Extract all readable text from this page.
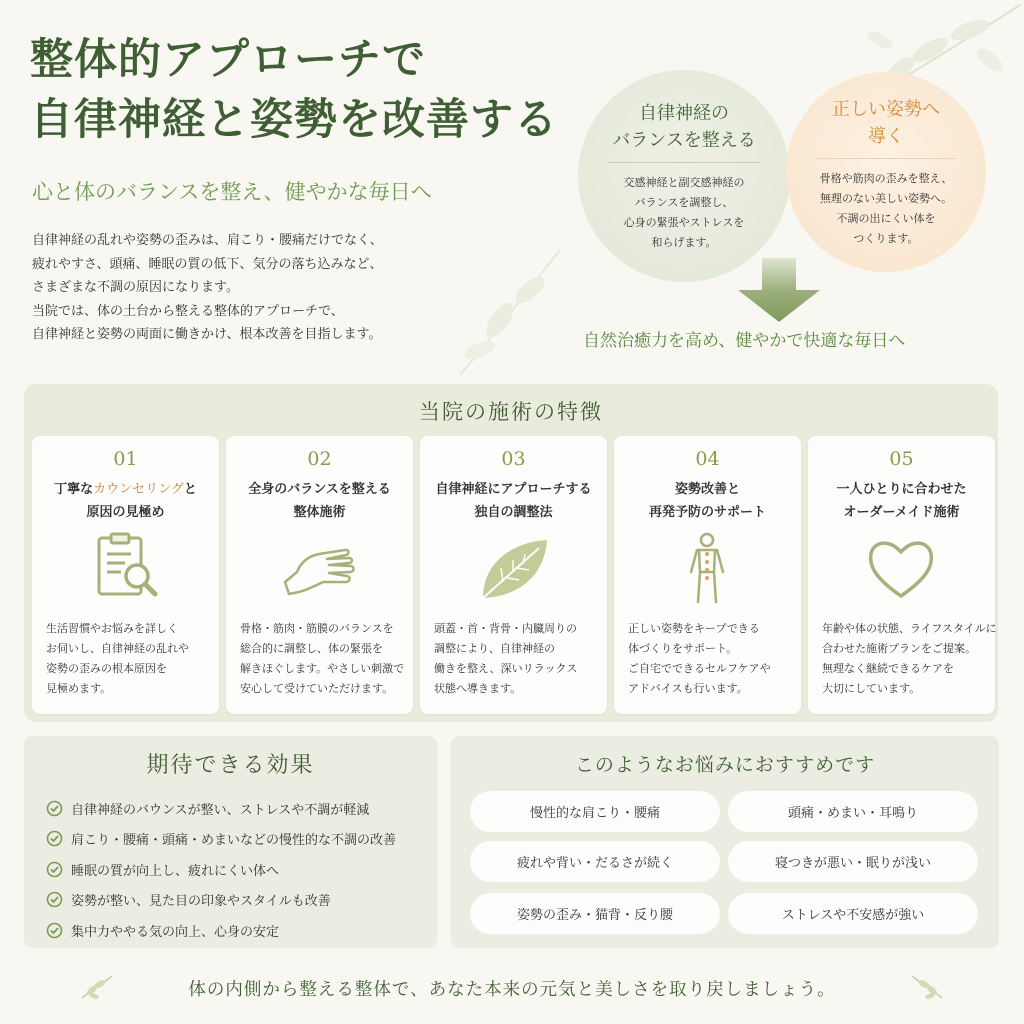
整体的アプローチで
自律神経と姿勢を改善する
心と体のバランスを整え、健やかな毎日へ

自律神経の乱れや姿勢の歪みは、肩こり・腰痛だけでなく、

疲れやすさ、頭痛、睡眠の質の低下、気分の落ち込みなど、

さまざまな不調の原因になります。

当院では、体の土台から整える整体的アプローチで、

自律神経と姿勢の両面に働きかけ、根本改善を目指します。

自律神経の
バランスを整える
交感神経と副交感神経の
バランスを調整し、
心身の緊張やストレスを
和らげます。
正しい姿勢へ
導く
骨格や筋肉の歪みを整え、
無理のない美しい姿勢へ。
不調の出にくい体を
つくります。
自然治癒力を高め、健やかで快適な毎日へ
当院の施術の特徴
01
丁寧なカウンセリングと
原因の見極め
生活習慣やお悩みを詳しく
お伺いし、自律神経の乱れや
姿勢の歪みの根本原因を
見極めます。
02
全身のバランスを整える
整体施術
骨格・筋肉・筋膜のバランスを
総合的に調整し、体の緊張を
解きほぐします。やさしい刺激で
安心して受けていただけます。
03
自律神経にアプローチする
独自の調整法
頭蓋・首・背骨・内臓周りの
調整により、自律神経の
働きを整え、深いリラックス
状態へ導きます。
04
姿勢改善と
再発予防のサポート
正しい姿勢をキープできる
体づくりをサポート。
ご自宅でできるセルフケアや
アドバイスも行います。
05
一人ひとりに合わせた
オーダーメイド施術
年齢や体の状態、ライフスタイルに
合わせた施術プランをご提案。
無理なく継続できるケアを
大切にしています。
期待できる効果
自律神経のバウンスが整い、ストレスや不調が軽減
肩こり・腰痛・頭痛・めまいなどの慢性的な不調の改善
睡眠の質が向上し、疲れにくい体へ
姿勢が整い、見た目の印象やスタイルも改善
集中力ややる気の向上、心身の安定
このようなお悩みにおすすめです
慢性的な肩こり・腰痛	頭痛・めまい・耳鳴り
疲れや背い・だるさが続く	寝つきが悪い・眠りが浅い
姿勢の歪み・猫背・反り腰	ストレスや不安感が強い
体の内側から整える整体で、あなた本来の元気と美しさを取り戻しましょう。
